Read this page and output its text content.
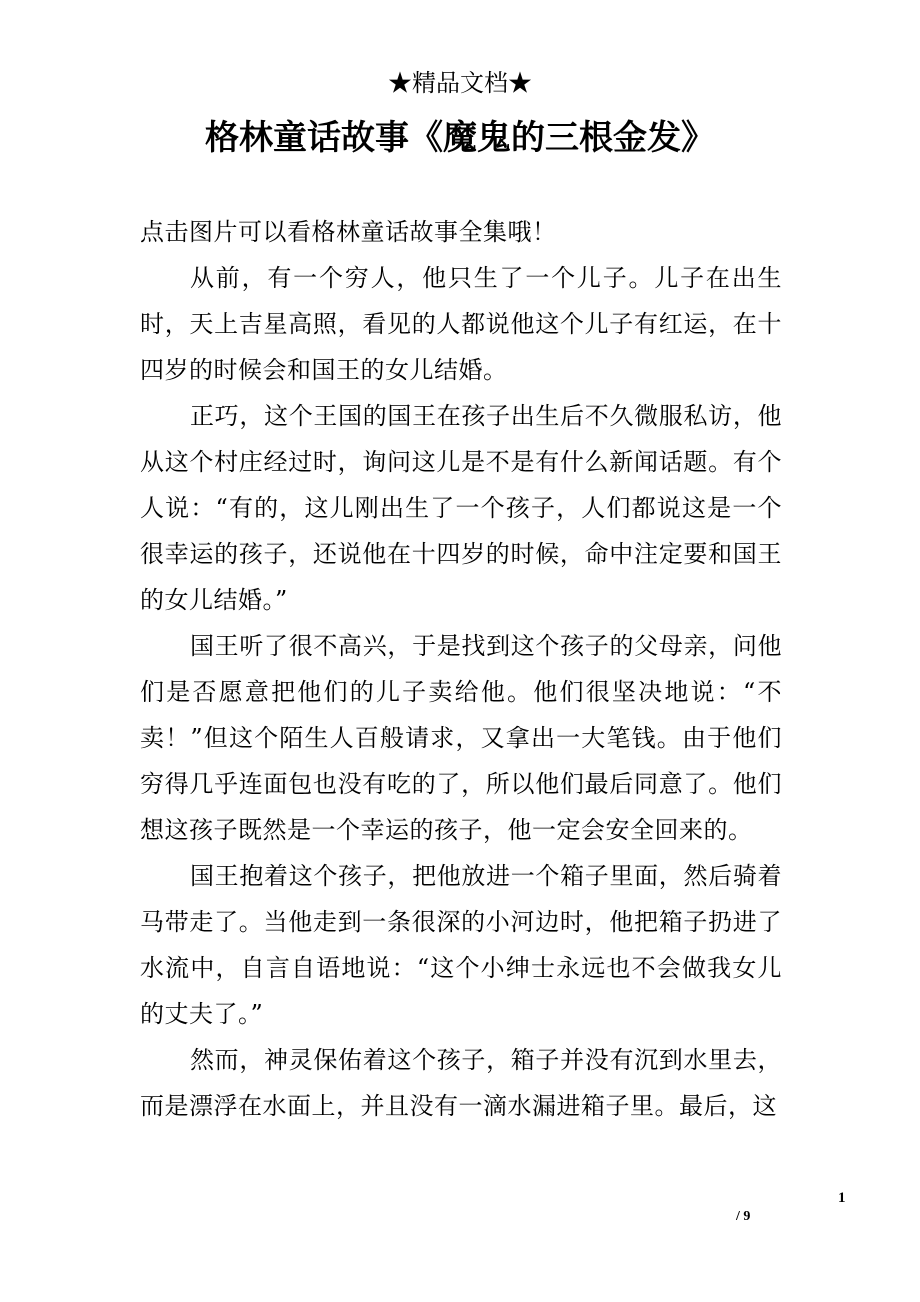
★精品文档★
格林童话故事《魔鬼的三根金发》

点击图片可以看格林童话故事全集哦！

从前，有一个穷人，他只生了一个儿子。儿子在出生时，天上吉星高照，看见的人都说他这个儿子有红运，在十四岁的时候会和国王的女儿结婚。

正巧，这个王国的国王在孩子出生后不久微服私访，他从这个村庄经过时，询问这儿是不是有什么新闻话题。有个人说：“有的，这儿刚出生了一个孩子，人们都说这是一个很幸运的孩子，还说他在十四岁的时候，命中注定要和国王的女儿结婚。”

国王听了很不高兴，于是找到这个孩子的父母亲，问他们是否愿意把他们的儿子卖给他。他们很坚决地说：“不卖！”但这个陌生人百般请求，又拿出一大笔钱。由于他们穷得几乎连面包也没有吃的了，所以他们最后同意了。他们想这孩子既然是一个幸运的孩子，他一定会安全回来的。

国王抱着这个孩子，把他放进一个箱子里面，然后骑着马带走了。当他走到一条很深的小河边时，他把箱子扔进了水流中，自言自语地说：“这个小绅士永远也不会做我女儿的丈夫了。”

然而，神灵保佑着这个孩子，箱子并没有沉到水里去，而是漂浮在水面上，并且没有一滴水漏进箱子里。最后，这

1
/ 9
